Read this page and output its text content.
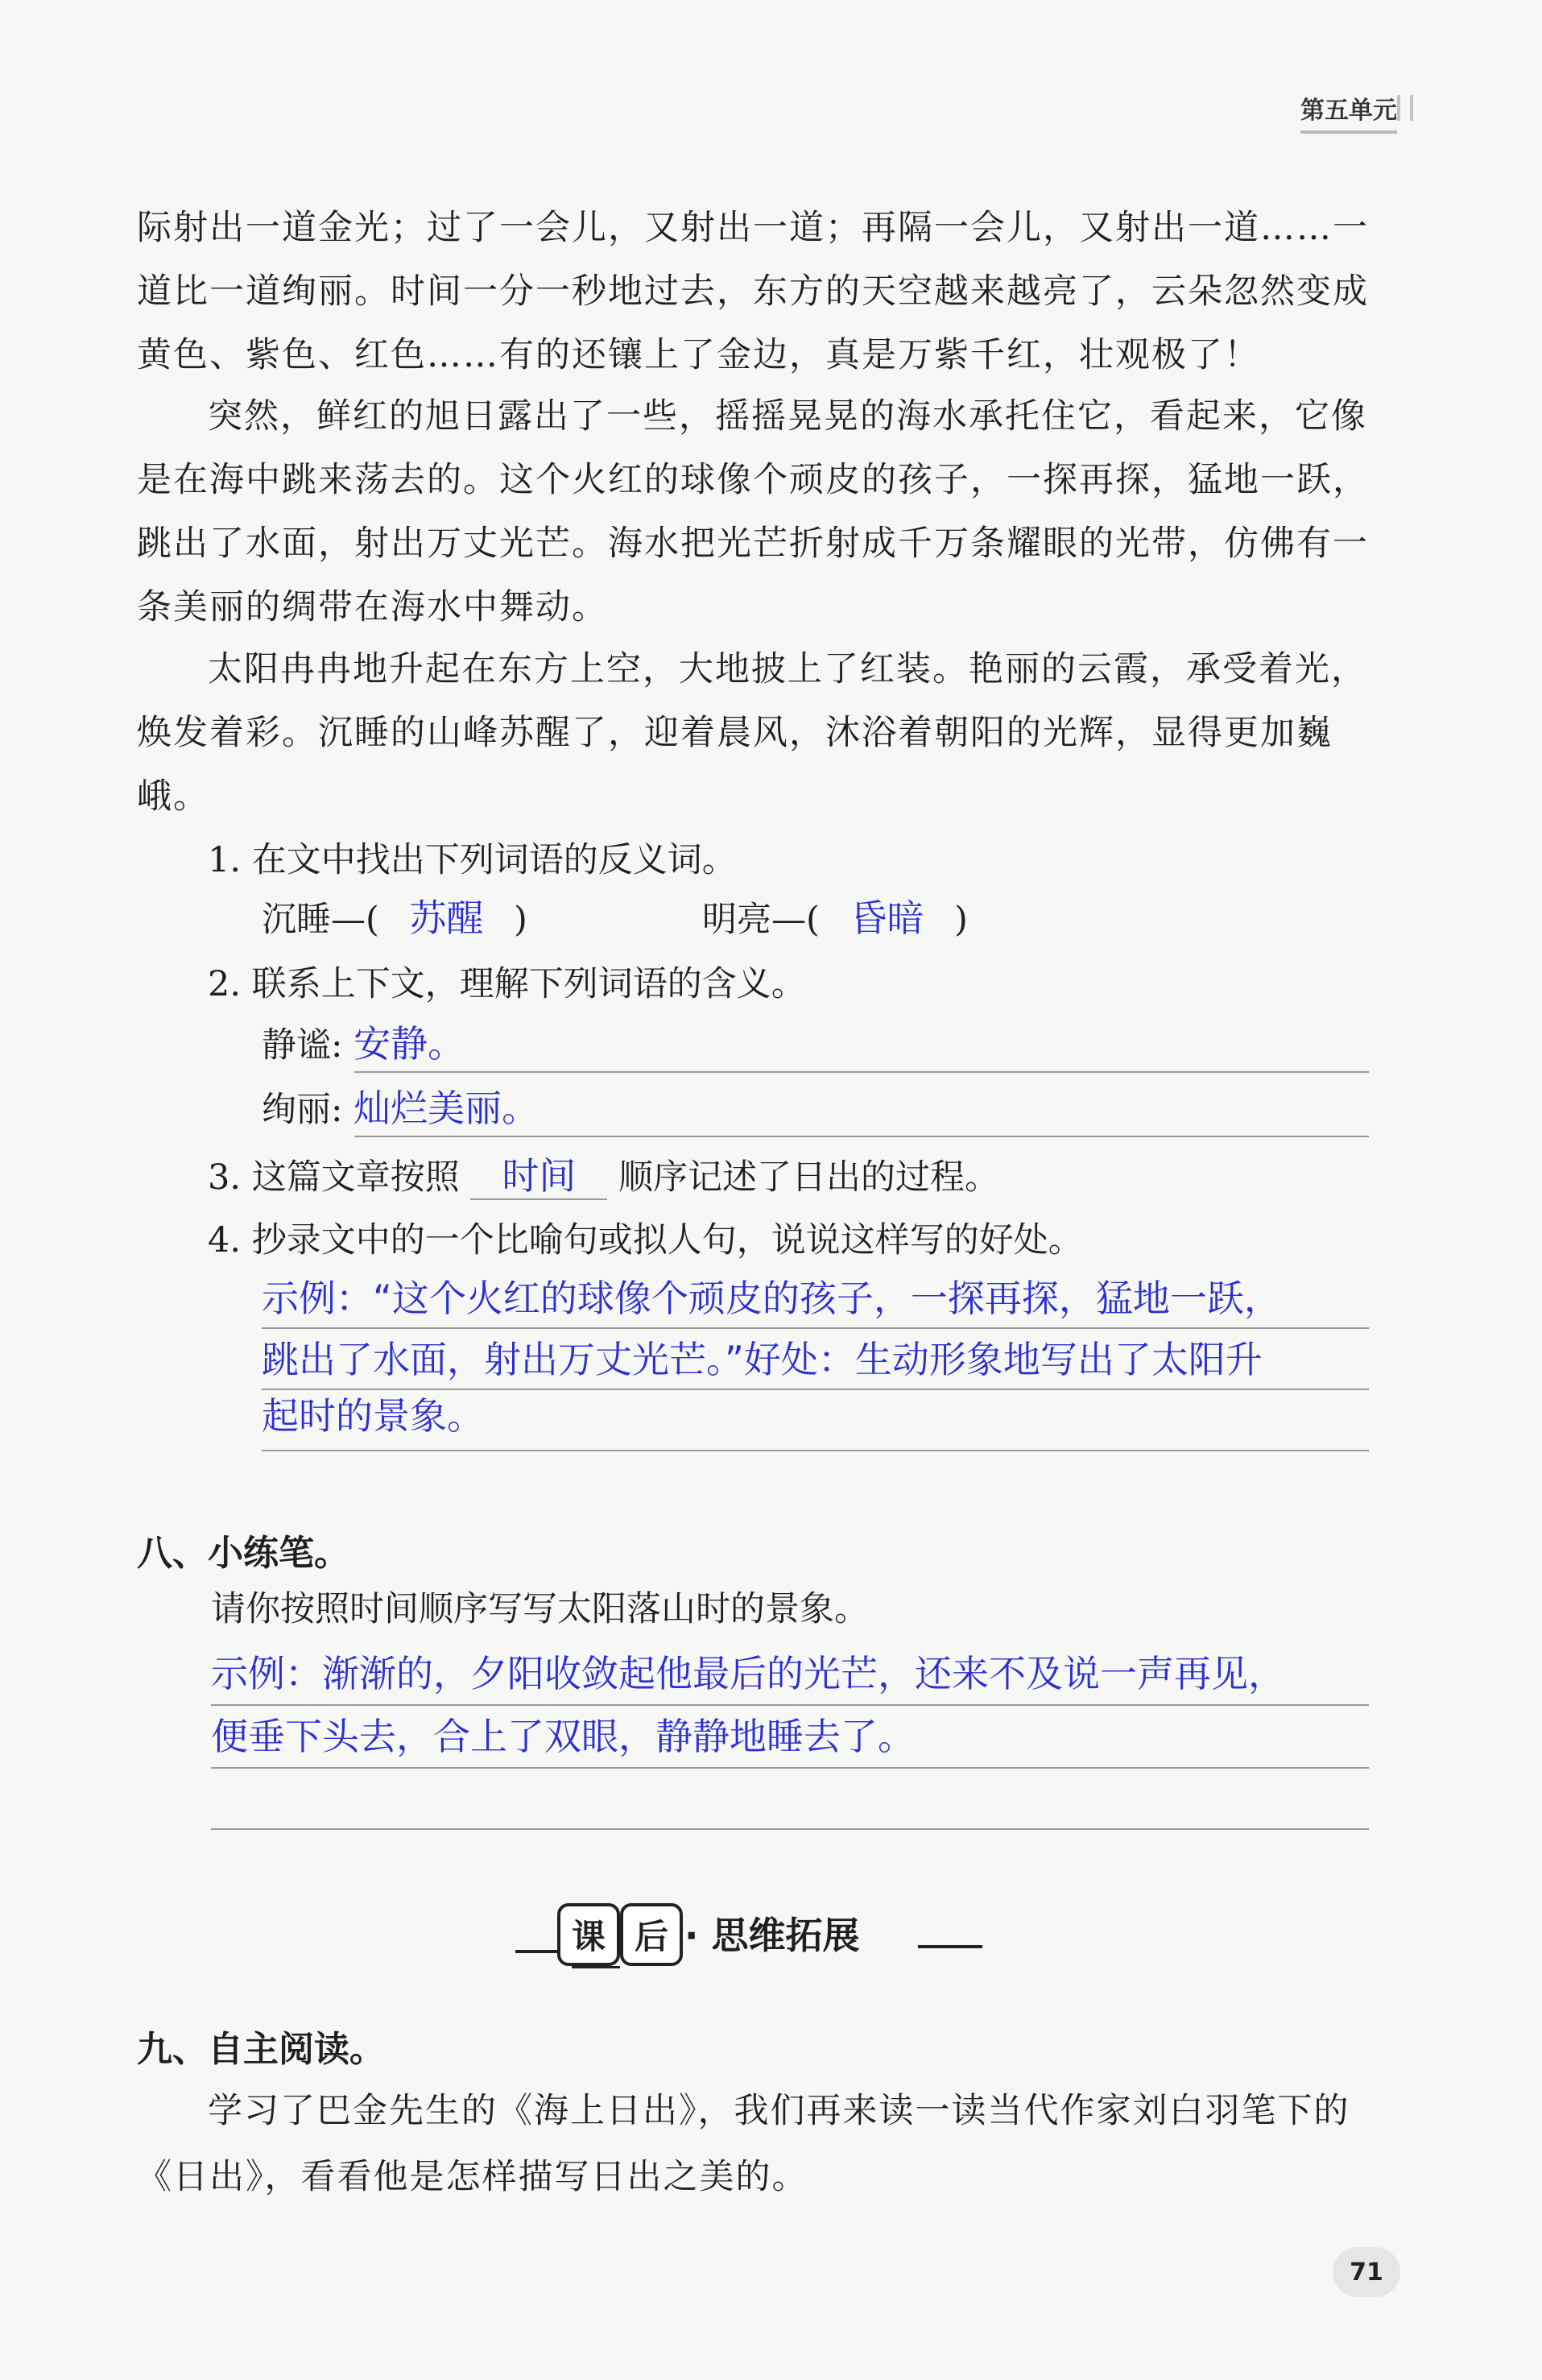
第五单元

际射出一道金光；过了一会儿，又射出一道；再隔一会儿，又射出一道……一道比一道绚丽。时间一分一秒地过去，东方的天空越来越亮了，云朵忽然变成黄色、紫色、红色……有的还镶上了金边，真是万紫千红，壮观极了！

突然，鲜红的旭日露出了一些，摇摇晃晃的海水承托住它，看起来，它像是在海中跳来荡去的。这个火红的球像个顽皮的孩子，一探再探，猛地一跃，跳出了水面，射出万丈光芒。海水把光芒折射成千万条耀眼的光带，仿佛有一条美丽的绸带在海水中舞动。

太阳冉冉地升起在东方上空，大地披上了红装。艳丽的云霞，承受着光，焕发着彩。沉睡的山峰苏醒了，迎着晨风，沐浴着朝阳的光辉，显得更加巍峨。

1. 在文中找出下列词语的反义词。

沉睡—( 苏醒 )	明亮—( 昏暗 )

2. 联系上下文，理解下列词语的含义。

静谧: 安静。
绚丽: 灿烂美丽。
3. 这篇文章按照 时间 顺序记述了日出的过程。

4. 抄录文中的一个比喻句或拟人句，说说这样写的好处。

示例：“这个火红的球像个顽皮的孩子，一探再探，猛地一跃，

跳出了水面，射出万丈光芒。”好处：生动形象地写出了太阳升

起时的景象。

八、小练笔。

请你按照时间顺序写写太阳落山时的景象。

示例：渐渐的，夕阳收敛起他最后的光芒，还来不及说一声再见，

便垂下头去，合上了双眼，静静地睡去了。

课 后 · 思维拓展

九、自主阅读。

学习了巴金先生的《海上日出》，我们再来读一读当代作家刘白羽笔下的《日出》，看看他是怎样描写日出之美的。

71
